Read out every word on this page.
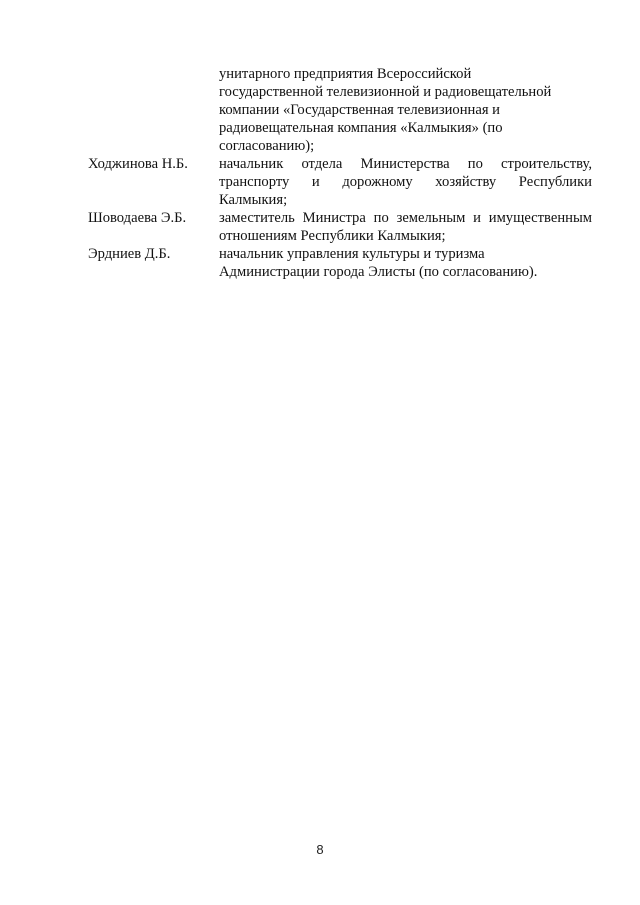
унитарного предприятия Всероссийской
государственной телевизионной и радиовещательной
компании «Государственная телевизионная и
радиовещательная компания «Калмыкия» (по
согласованию);
Ходжинова Н.Б.	начальник отдела Министерства по строительству,
транспорту и дорожному хозяйству Республики
Калмыкия;
Шоводаева Э.Б.	заместитель Министра по земельным и имущественным
отношениям Республики Калмыкия;
Эрдниев Д.Б.	начальник управления культуры и туризма
Администрации города Элисты (по согласованию).
8
